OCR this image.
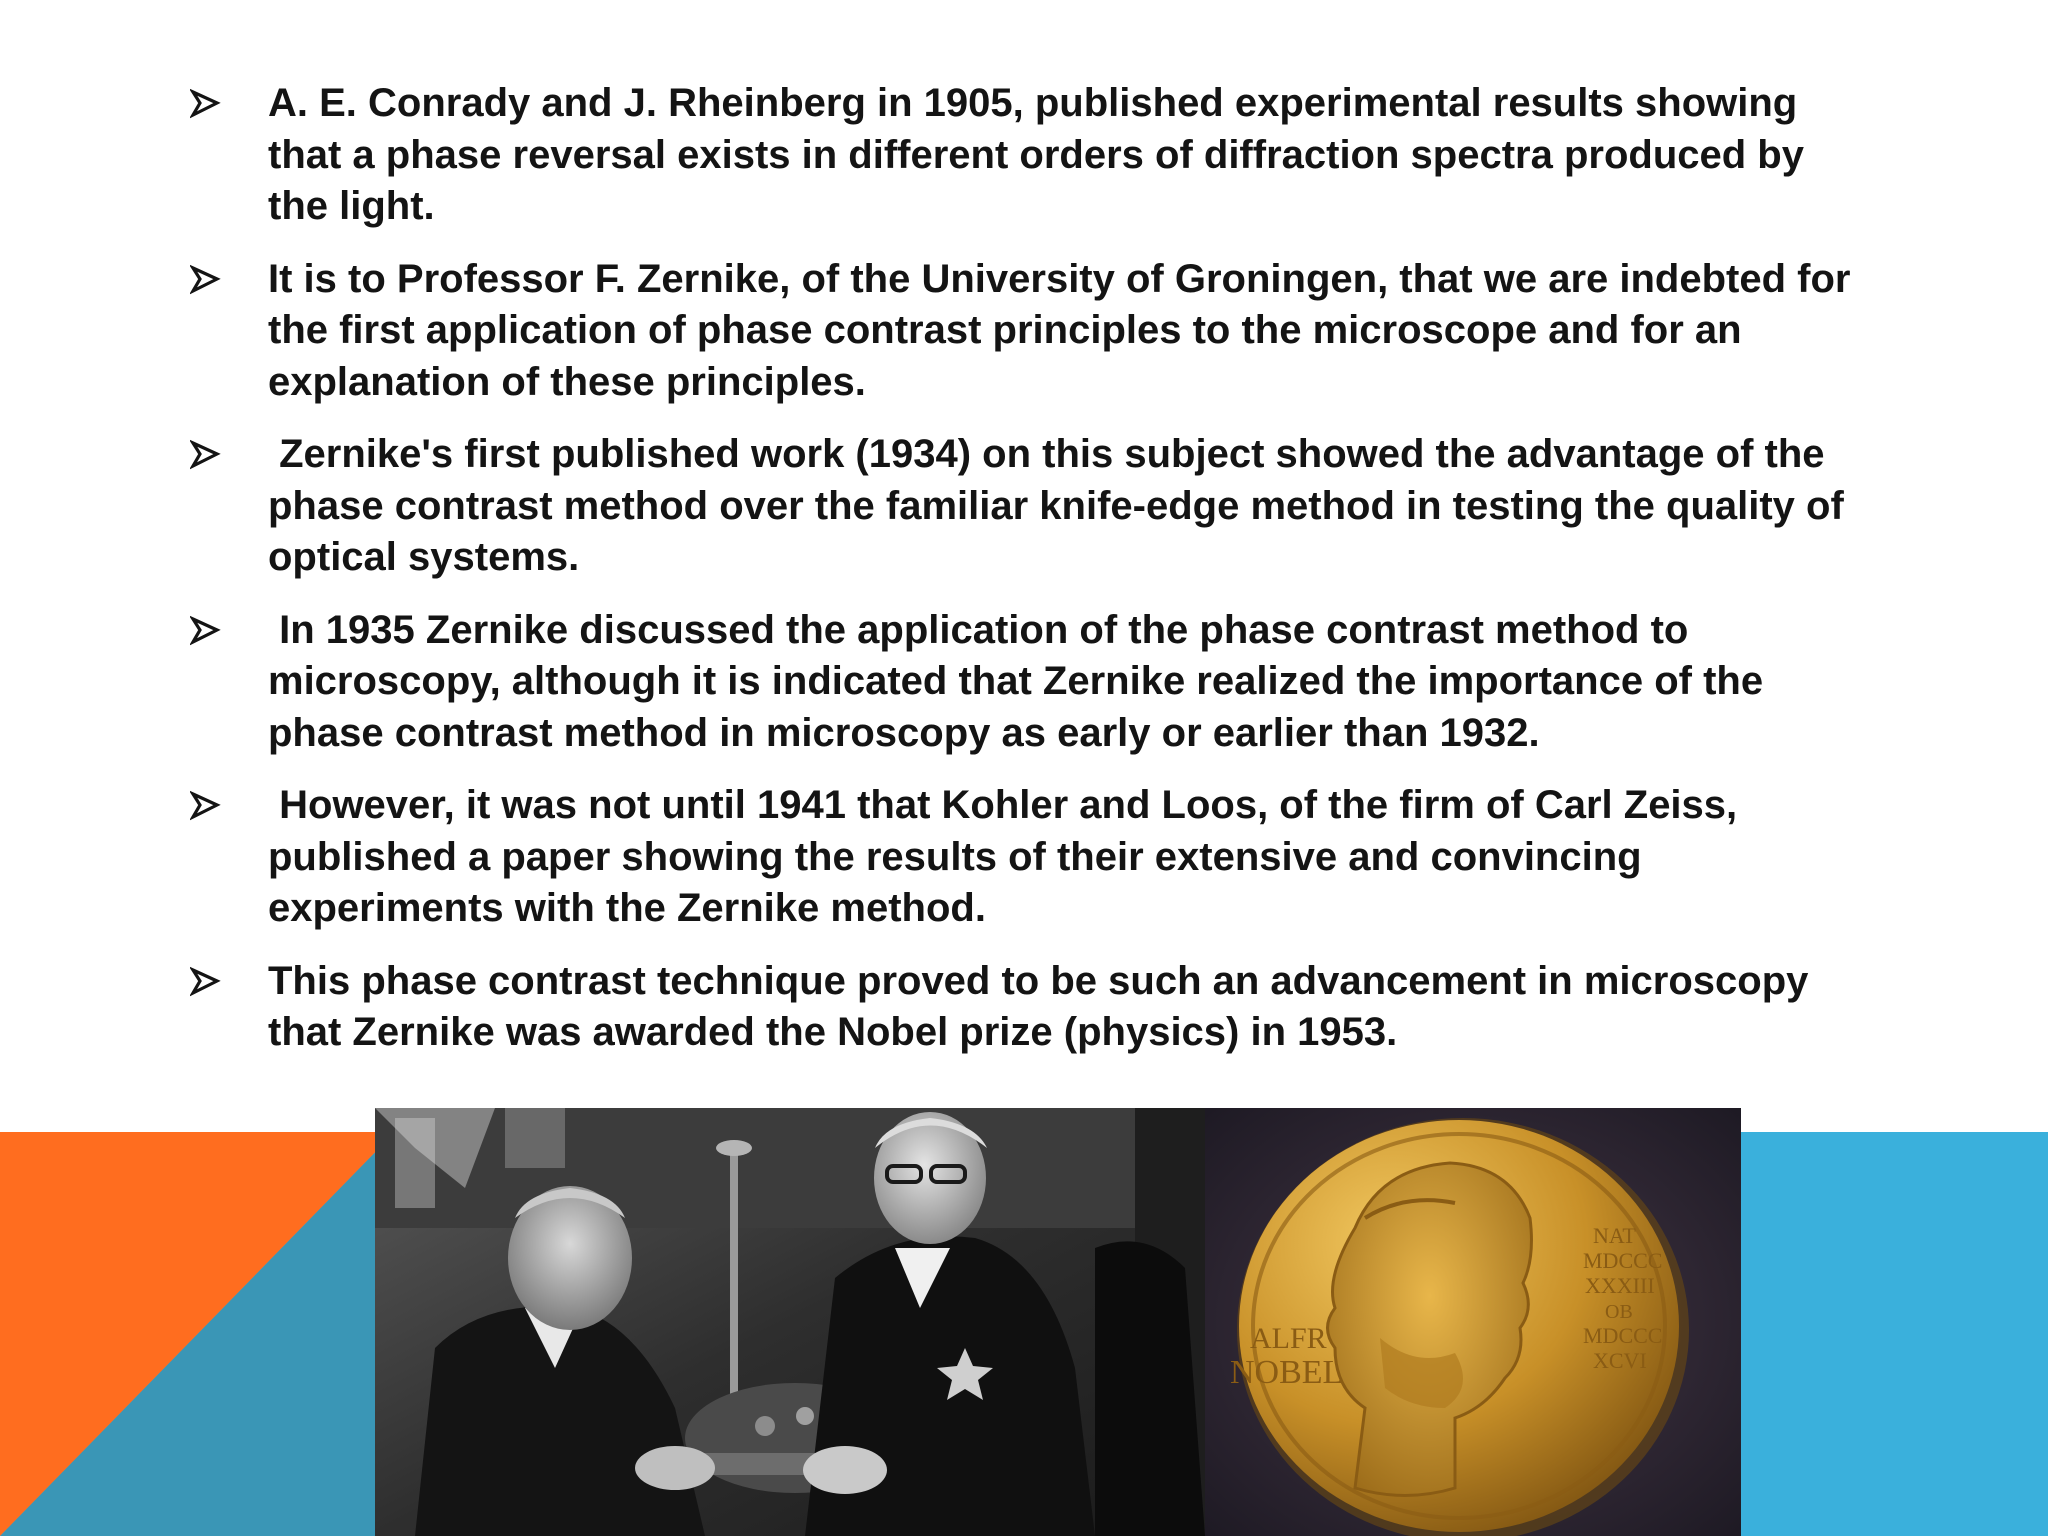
A. E. Conrady and J. Rheinberg in 1905, published experimental results showing that a phase reversal exists in different orders of diffraction spectra produced by the light.
It is to Professor F. Zernike, of the University of Groningen, that we are indebted for the first application of phase contrast principles to the microscope and for an explanation of these principles.
Zernike's first published work (1934) on this subject showed the advantage of the phase contrast method over the familiar knife-edge method in testing the quality of optical systems.
In 1935 Zernike discussed the application of the phase contrast method to microscopy, although it is indicated that Zernike realized the importance of the phase contrast method in microscopy as early or earlier than 1932.
However, it was not until 1941 that Kohler and Loos, of the firm of Carl Zeiss, published a paper showing the results of their extensive and convincing experiments with the Zernike method.
This phase contrast technique proved to be such an advancement in microscopy that Zernike was awarded the Nobel prize (physics) in 1953.
ALFR
NOBEL
NAT
MDCCC
XXXIII
OB
MDCCC
XCVI
